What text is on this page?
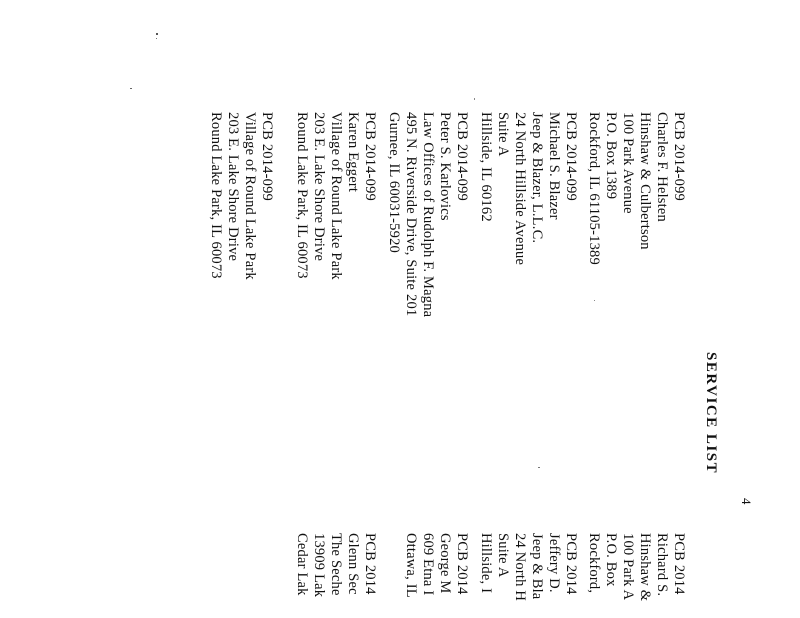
SERVICE LIST
4
PCB 2014-099
Charles F. Helsten
Hinshaw & Culbertson
100 Park Avenue
P.O. Box 1389
Rockford, IL 61105-1389
PCB 2014-099
Michael S. Blazer
Jeep & Blazer, L.L.C.
24 North Hillside Avenue
Suite A
Hillside, IL 60162
PCB 2014-099
Peter S. Karlovics
Law Offices of Rudolph F. Magna
495 N. Riverside Drive, Suite 201
Gurnee, IL 60031-5920
PCB 2014-099
Karen Eggert
Village of Round Lake Park
203 E. Lake Shore Drive
Round Lake Park, IL 60073
PCB 2014-099
Village of Round Lake Park
203 E. Lake Shore Drive
Round Lake Park, IL 60073
PCB 2014
Richard S.
Hinshaw &
100 Park A
P.O. Box
Rockford,
PCB 2014
Jeffery D.
Jeep & Bla
24 North H
Suite A
Hillside, I
PCB 2014
George M
609 Etna I
Ottawa, IL
PCB 2014
Glenn Sec
The Seche
13909 Lak
Cedar Lak
